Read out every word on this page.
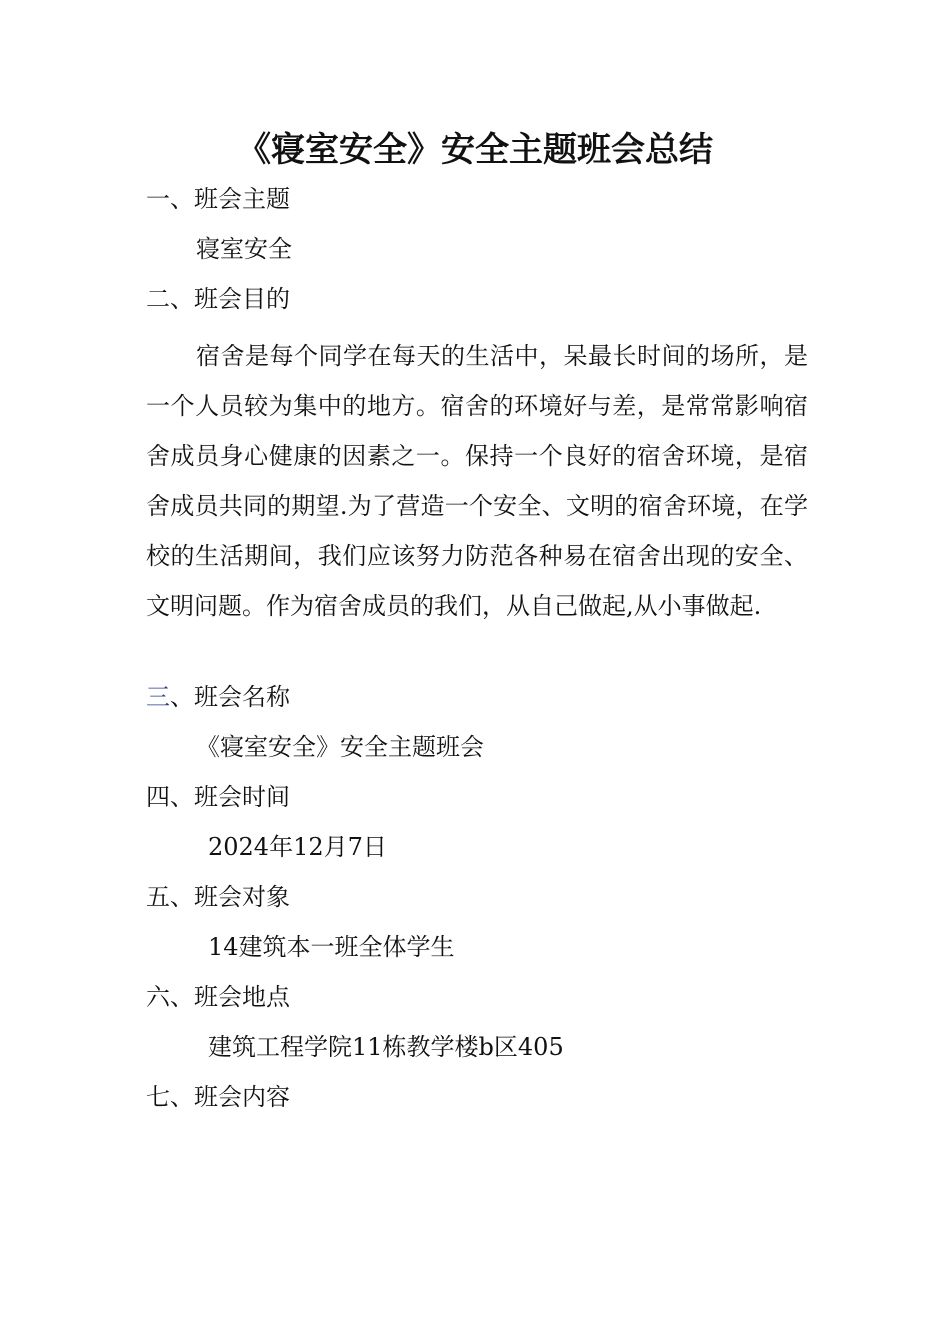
《寝室安全》安全主题班会总结
一、班会主题
寝室安全
二、班会目的
宿舍是每个同学在每天的生活中，呆最长时间的场所，是一个人员较为集中的地方。宿舍的环境好与差，是常常影响宿舍成员身心健康的因素之一。保持一个良好的宿舍环境，是宿舍成员共同的期望.为了营造一个安全、文明的宿舍环境，在学校的生活期间，我们应该努力防范各种易在宿舍出现的安全、文明问题。作为宿舍成员的我们，从自己做起,从小事做起.
三、班会名称
《寝室安全》安全主题班会
四、班会时间
2024年12月7日
五、班会对象
14建筑本一班全体学生
六、班会地点
建筑工程学院11栋教学楼b区405
七、班会内容
